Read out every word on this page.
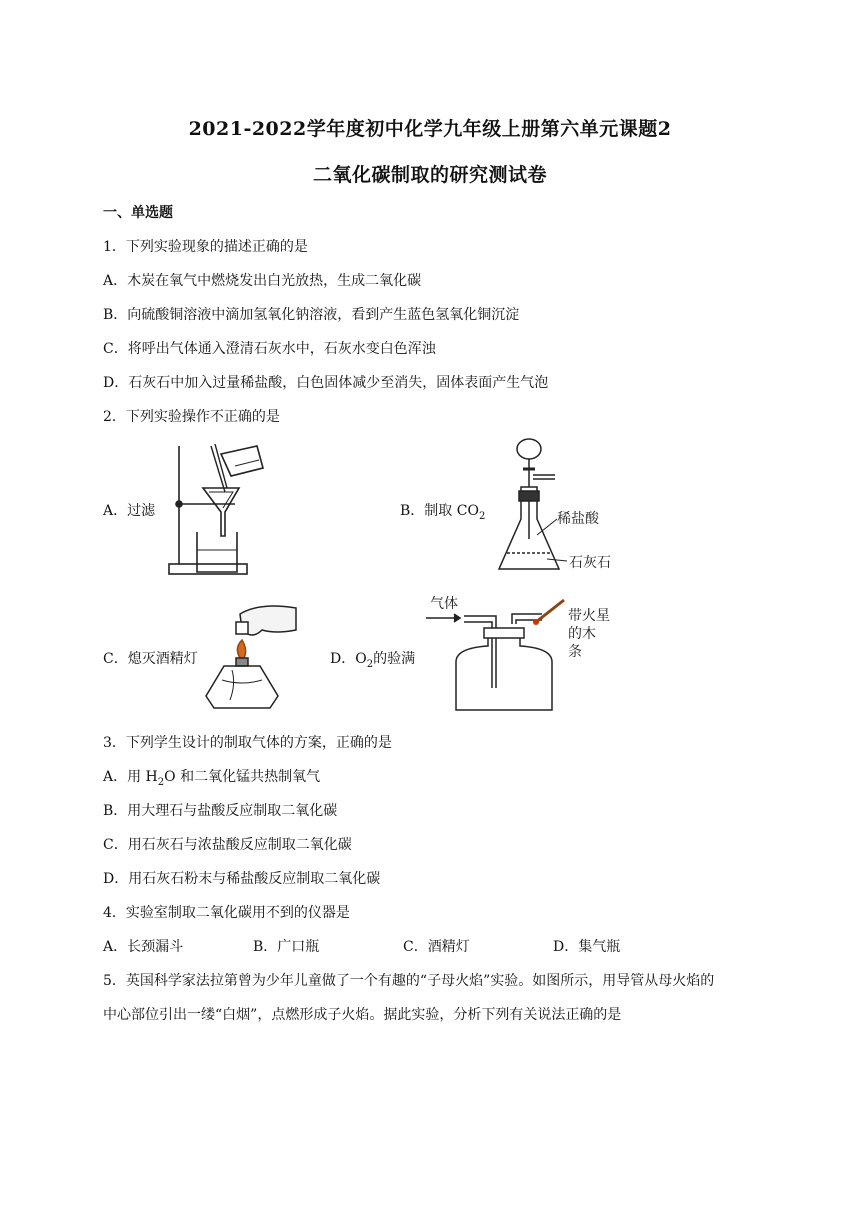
2021-2022学年度初中化学九年级上册第六单元课题2
二氧化碳制取的研究测试卷
一、单选题
1．下列实验现象的描述正确的是
A．木炭在氧气中燃烧发出白光放热，生成二氧化碳
B．向硫酸铜溶液中滴加氢氧化钠溶液，看到产生蓝色氢氧化铜沉淀
C．将呼出气体通入澄清石灰水中，石灰水变白色浑浊
D．石灰石中加入过量稀盐酸，白色固体减少至消失，固体表面产生气泡
2．下列实验操作不正确的是
A．过滤	B．制取 $CO_2$
C．熄灭酒精灯	D．$O_2$的验满
稀盐酸
石灰石
气体
带火星 的木 条
3．下列学生设计的制取气体的方案，正确的是
A．用 $H_2O$ 和二氧化锰共热制氧气
B．用大理石与盐酸反应制取二氧化碳
C．用石灰石与浓盐酸反应制取二氧化碳
D．用石灰石粉末与稀盐酸反应制取二氧化碳
4．实验室制取二氧化碳用不到的仪器是
A．长颈漏斗	B．广口瓶	C．酒精灯	D．集气瓶
5．英国科学家法拉第曾为少年儿童做了一个有趣的“子母火焰”实验。如图所示，用导管从母火焰的
中心部位引出一缕“白烟”，点燃形成子火焰。据此实验，分析下列有关说法正确的是
